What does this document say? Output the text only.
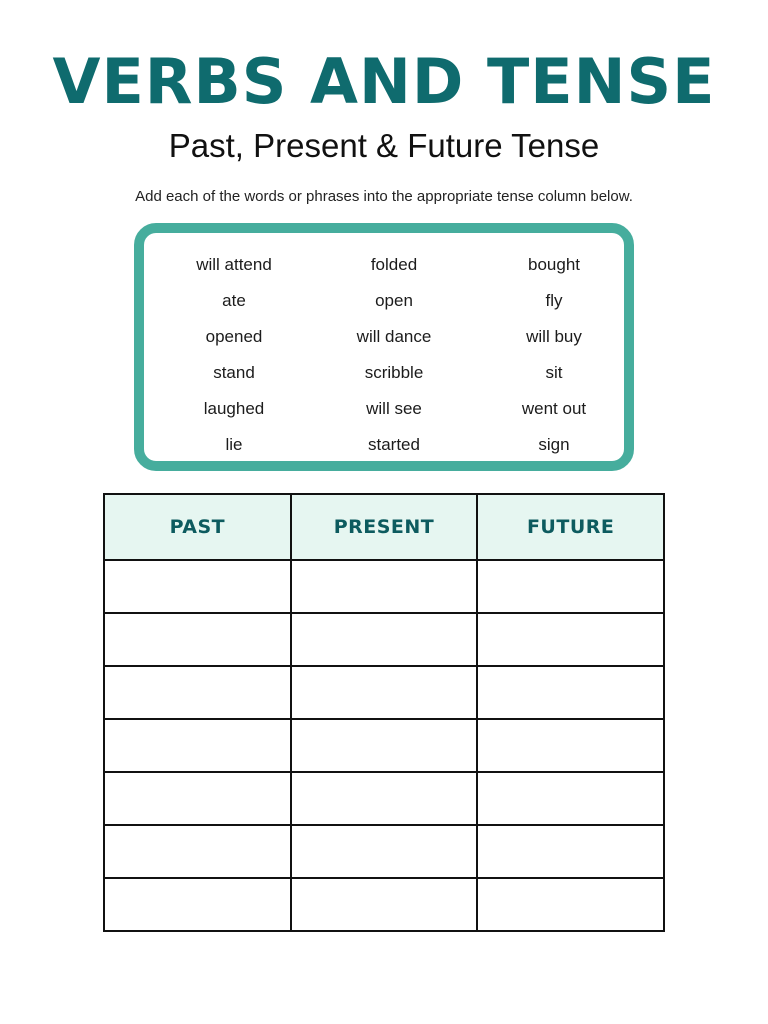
VERBS AND TENSE
Past, Present & Future Tense
Add each of the words or phrases into the appropriate tense column below.
will attend	folded	bought
ate	open	fly
opened	will dance	will buy
stand	scribble	sit
laughed	will see	went out
lie	started	sign
PAST	PRESENT	FUTURE
